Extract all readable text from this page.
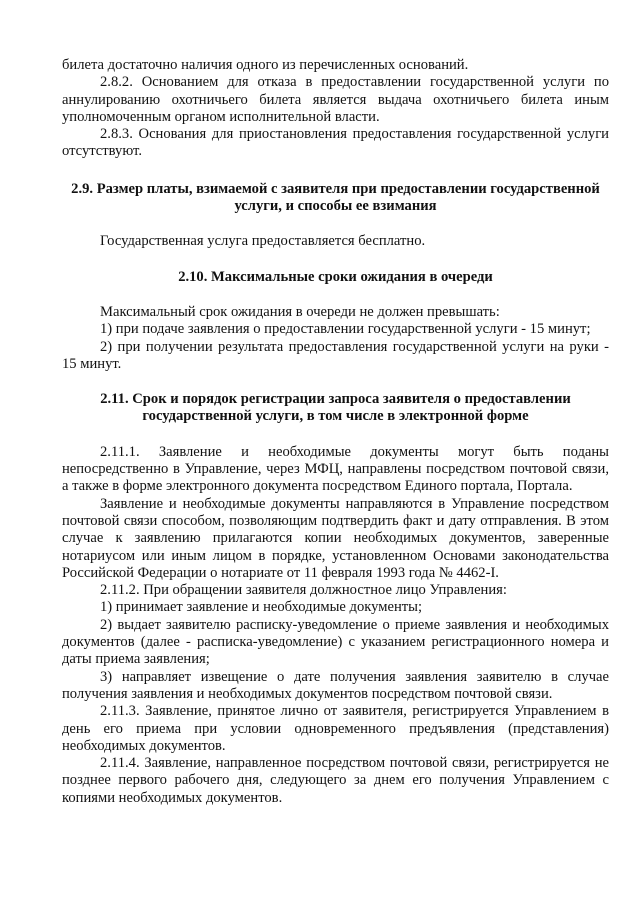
билета достаточно наличия одного из перечисленных оснований.

2.8.2. Основанием для отказа в предоставлении государственной услуги по аннулированию охотничьего билета является выдача охотничьего билета иным уполномоченным органом исполнительной власти.

2.8.3. Основания для приостановления предоставления государственной услуги отсутствуют.

2.9. Размер платы, взимаемой с заявителя при предоставлении государственной услуги, и способы ее взимания

Государственная услуга предоставляется бесплатно.

2.10. Максимальные сроки ожидания в очереди

Максимальный срок ожидания в очереди не должен превышать:

1) при подаче заявления о предоставлении государственной услуги - 15 минут;

2) при получении результата предоставления государственной услуги на руки - 15 минут.

2.11. Срок и порядок регистрации запроса заявителя о предоставлении государственной услуги, в том числе в электронной форме

2.11.1. Заявление и необходимые документы могут быть поданы непосредственно в Управление, через МФЦ, направлены посредством почтовой связи, а также в форме электронного документа посредством Единого портала, Портала.

Заявление и необходимые документы направляются в Управление посредством почтовой связи способом, позволяющим подтвердить факт и дату отправления. В этом случае к заявлению прилагаются копии необходимых документов, заверенные нотариусом или иным лицом в порядке, установленном Основами законодательства Российской Федерации о нотариате от 11 февраля 1993 года № 4462-I.

2.11.2. При обращении заявителя должностное лицо Управления:

1) принимает заявление и необходимые документы;

2) выдает заявителю расписку-уведомление о приеме заявления и необходимых документов (далее - расписка-уведомление) с указанием регистрационного номера и даты приема заявления;

3) направляет извещение о дате получения заявления заявителю в случае получения заявления и необходимых документов посредством почтовой связи.

2.11.3. Заявление, принятое лично от заявителя, регистрируется Управлением в день его приема при условии одновременного предъявления (представления) необходимых документов.

2.11.4. Заявление, направленное посредством почтовой связи, регистрируется не позднее первого рабочего дня, следующего за днем его получения Управлением с копиями необходимых документов.
